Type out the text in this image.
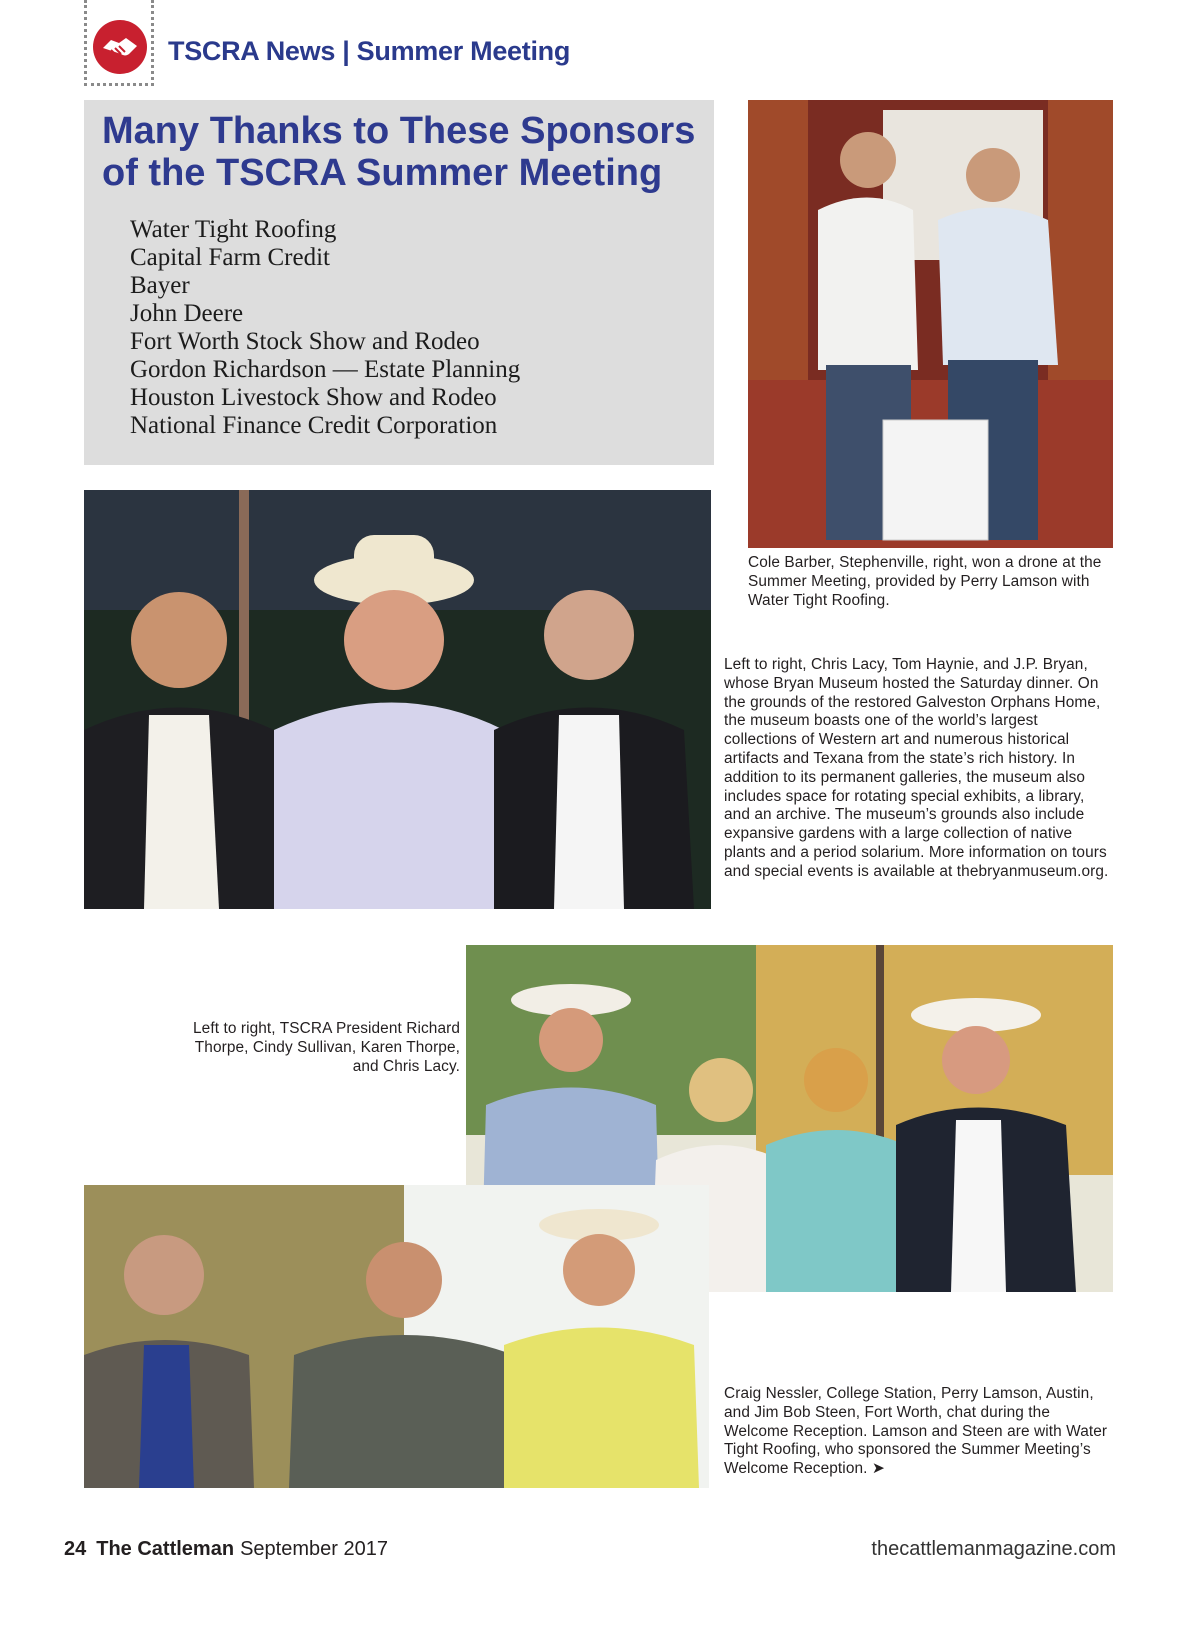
TSCRA News | Summer Meeting
Many Thanks to These Sponsors of the TSCRA Summer Meeting
Water Tight Roofing
Capital Farm Credit
Bayer
John Deere
Fort Worth Stock Show and Rodeo
Gordon Richardson — Estate Planning
Houston Livestock Show and Rodeo
National Finance Credit Corporation
Cole Barber, Stephenville, right, won a drone at the Summer Meeting, provided by Perry Lamson with Water Tight Roofing.
Left to right, Chris Lacy, Tom Haynie, and J.P. Bryan, whose Bryan Museum hosted the Saturday dinner. On the grounds of the restored Galveston Orphans Home, the museum boasts one of the world’s largest collections of Western art and numerous historical artifacts and Texana from the state’s rich history. In addition to its permanent galleries, the museum also includes space for rotating special exhibits, a library, and an archive. The museum’s grounds also include expansive gardens with a large collection of native plants and a period solarium. More information on tours and special events is available at thebryanmuseum.org.
Left to right, TSCRA President Richard Thorpe, Cindy Sullivan, Karen Thorpe, and Chris Lacy.
Craig Nessler, College Station, Perry Lamson, Austin, and Jim Bob Steen, Fort Worth, chat during the Welcome Reception. Lamson and Steen are with Water Tight Roofing, who sponsored the Summer Meeting’s Welcome Reception. ➤
24 The Cattleman September 2017	thecattlemanmagazine.com
